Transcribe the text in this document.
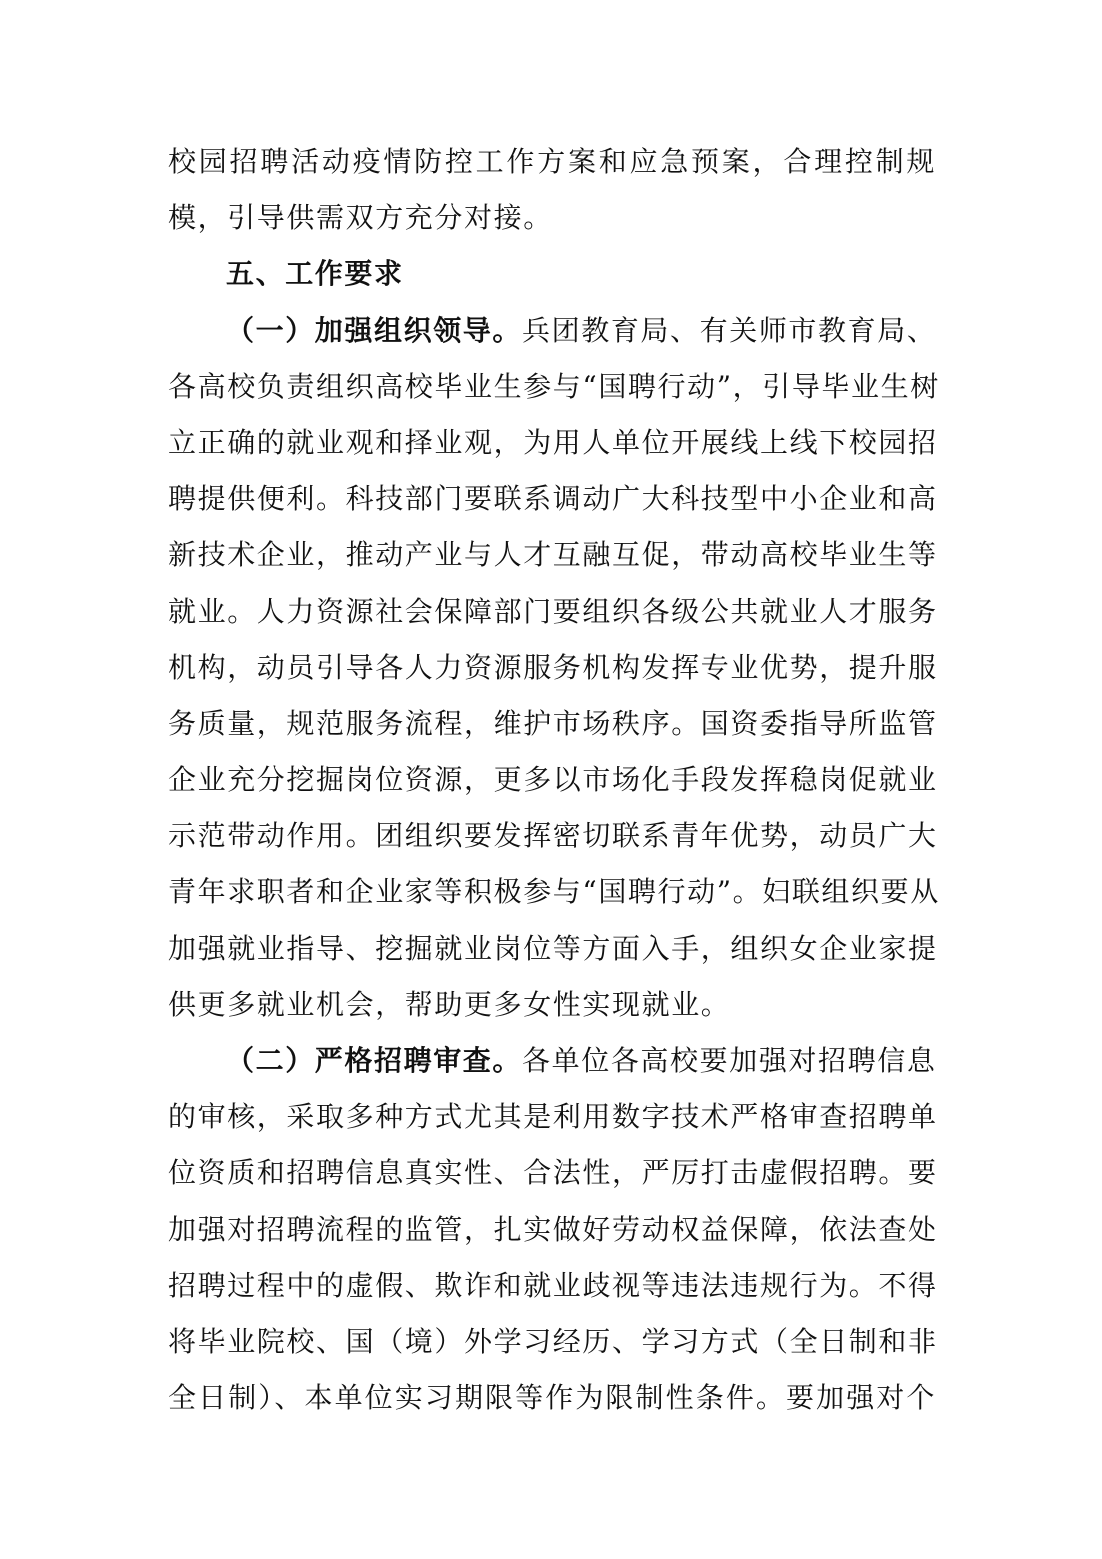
校园招聘活动疫情防控工作方案和应急预案，合理控制规
模，引导供需双方充分对接。
五、工作要求
（一）加强组织领导。兵团教育局、有关师市教育局、
各高校负责组织高校毕业生参与“国聘行动”，引导毕业生树
立正确的就业观和择业观，为用人单位开展线上线下校园招
聘提供便利。科技部门要联系调动广大科技型中小企业和高
新技术企业，推动产业与人才互融互促，带动高校毕业生等
就业。人力资源社会保障部门要组织各级公共就业人才服务
机构，动员引导各人力资源服务机构发挥专业优势，提升服
务质量，规范服务流程，维护市场秩序。国资委指导所监管
企业充分挖掘岗位资源，更多以市场化手段发挥稳岗促就业
示范带动作用。团组织要发挥密切联系青年优势，动员广大
青年求职者和企业家等积极参与“国聘行动”。妇联组织要从
加强就业指导、挖掘就业岗位等方面入手，组织女企业家提
供更多就业机会，帮助更多女性实现就业。
（二）严格招聘审查。各单位各高校要加强对招聘信息
的审核，采取多种方式尤其是利用数字技术严格审查招聘单
位资质和招聘信息真实性、合法性，严厉打击虚假招聘。要
加强对招聘流程的监管，扎实做好劳动权益保障，依法查处
招聘过程中的虚假、欺诈和就业歧视等违法违规行为。不得
将毕业院校、国（境）外学习经历、学习方式（全日制和非
全日制）、本单位实习期限等作为限制性条件。要加强对个
